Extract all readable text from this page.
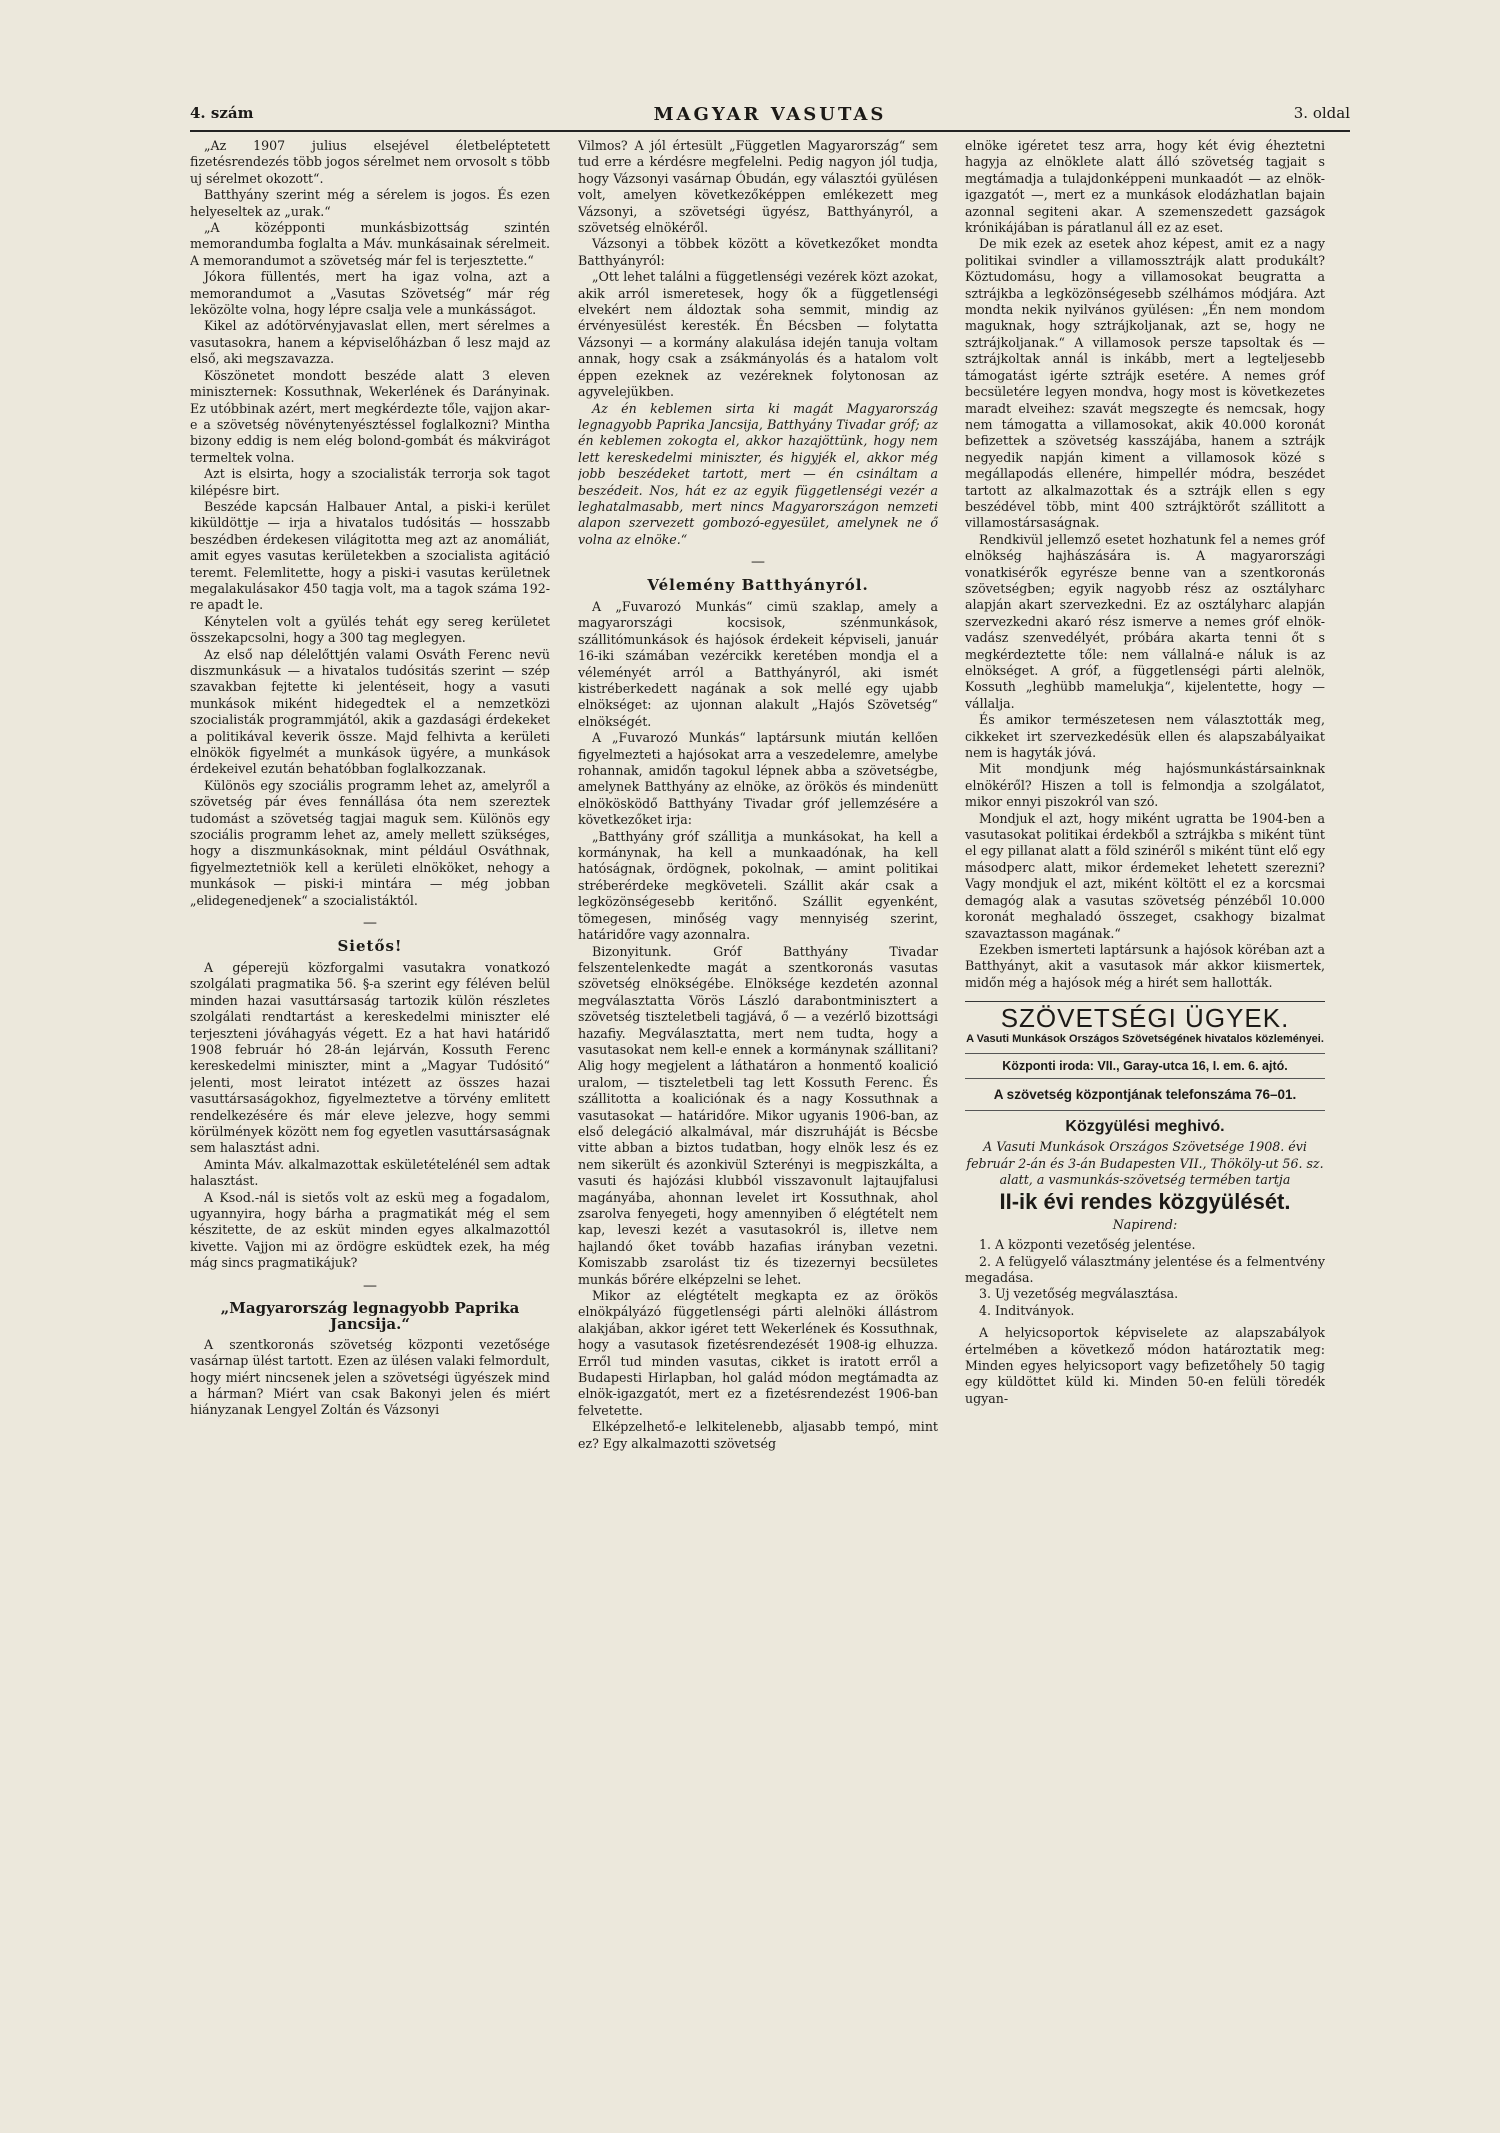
4. szám	MAGYAR VASUTAS	3. oldal

„Az 1907 julius elsejével életbeléptetett fizetésrendezés több jogos sérelmet nem orvosolt s több uj sérelmet okozott“.

Batthyány szerint még a sérelem is jogos. És ezen helyeseltek az „urak.“

„A középponti munkásbizottság szintén memorandumba foglalta a Máv. munkásainak sérelmeit. A memorandumot a szövetség már fel is terjesztette.“

Jókora füllentés, mert ha igaz volna, azt a memorandumot a „Vasutas Szövetség“ már rég leközölte volna, hogy lépre csalja vele a munkásságot.

Kikel az adótörvényjavaslat ellen, mert sérelmes a vasutasokra, hanem a képviselőházban ő lesz majd az első, aki megszavazza.

Köszönetet mondott beszéde alatt 3 eleven miniszternek: Kossuthnak, Wekerlének és Darányinak. Ez utóbbinak azért, mert megkérdezte tőle, vajjon akar-e a szövetség növénytenyésztéssel foglalkozni? Mintha bizony eddig is nem elég bolond-gombát és mákvirágot termeltek volna.

Azt is elsirta, hogy a szocialisták terrorja sok tagot kilépésre birt.

Beszéde kapcsán Halbauer Antal, a piski-i kerület kiküldöttje — irja a hivatalos tudósitás — hosszabb beszédben érdekesen világitotta meg azt az anomáliát, amit egyes vasutas kerületekben a szocialista agitáció teremt. Felemlitette, hogy a piski-i vasutas kerületnek megalakulásakor 450 tagja volt, ma a tagok száma 192-re apadt le.

Kénytelen volt a gyülés tehát egy sereg kerületet összekapcsolni, hogy a 300 tag meglegyen.

Az első nap délelőttjén valami Osváth Ferenc nevü diszmunkásuk — a hivatalos tudósitás szerint — szép szavakban fejtette ki jelentéseit, hogy a vasuti munkások miként hidegedtek el a nemzetközi szocialisták programmjától, akik a gazdasági érdekeket a politikával keverik össze. Majd felhivta a kerületi elnökök figyelmét a munkások ügyére, a munkások érdekeivel ezután behatóbban foglalkozzanak.

Különös egy szociális programm lehet az, amelyről a szövetség pár éves fennállása óta nem szereztek tudomást a szövetség tagjai maguk sem. Különös egy szociális programm lehet az, amely mellett szükséges, hogy a diszmunkásoknak, mint például Osváthnak, figyelmeztetniök kell a kerületi elnököket, nehogy a munkások — piski-i mintára — még jobban „elidegenedjenek“ a szocialistáktól.

—
Sietős!

A géperejü közforgalmi vasutakra vonatkozó szolgálati pragmatika 56. §-a szerint egy féléven belül minden hazai vasuttársaság tartozik külön részletes szolgálati rendtartást a kereskedelmi miniszter elé terjeszteni jóváhagyás végett. Ez a hat havi határidő 1908 február hó 28-án lejárván, Kossuth Ferenc kereskedelmi miniszter, mint a „Magyar Tudósitó“ jelenti, most leiratot intézett az összes hazai vasuttársaságokhoz, figyelmeztetve a törvény emlitett rendelkezésére és már eleve jelezve, hogy semmi körülmények között nem fog egyetlen vasuttársaságnak sem halasztást adni.

Aminta Máv. alkalmazottak eskületételénél sem adtak halasztást.

A Ksod.-nál is sietős volt az eskü meg a fogadalom, ugyannyira, hogy bárha a pragmatikát még el sem készitette, de az esküt minden egyes alkalmazottól kivette. Vajjon mi az ördögre esküdtek ezek, ha még mág sincs pragmatikájuk?

—
„Magyarország legnagyobb Paprika Jancsija.“

A szentkoronás szövetség központi vezetősége vasárnap ülést tartott. Ezen az ülésen valaki felmordult, hogy miért nincsenek jelen a szövetségi ügyészek mind a hárman? Miért van csak Bakonyi jelen és miért hiányzanak Lengyel Zoltán és Vázsonyi

Vilmos? A jól értesült „Független Magyarország“ sem tud erre a kérdésre megfelelni. Pedig nagyon jól tudja, hogy Vázsonyi vasárnap Óbudán, egy választói gyülésen volt, amelyen következőképpen emlékezett meg Vázsonyi, a szövetségi ügyész, Batthyányról, a szövetség elnökéről.

Vázsonyi a többek között a következőket mondta Batthyányról:

„Ott lehet találni a függetlenségi vezérek közt azokat, akik arról ismeretesek, hogy ők a függetlenségi elvekért nem áldoztak soha semmit, mindig az érvényesülést keresték. Én Bécsben — folytatta Vázsonyi — a kormány alakulása idején tanuja voltam annak, hogy csak a zsákmányolás és a hatalom volt éppen ezeknek az vezéreknek folytonosan az agyvelejükben.

Az én keblemen sirta ki magát Magyarország legnagyobb Paprika Jancsija, Batthyány Tivadar gróf; az én keblemen zokogta el, akkor hazajöttünk, hogy nem lett kereskedelmi miniszter, és higyjék el, akkor még jobb beszédeket tartott, mert — én csináltam a beszédeit. Nos, hát ez az egyik függetlenségi vezér a leghatalmasabb, mert nincs Magyarországon nemzeti alapon szervezett gombozó-egyesület, amelynek ne ő volna az elnöke.“

—
Vélemény Batthyányról.

A „Fuvarozó Munkás“ cimü szaklap, amely a magyarországi kocsisok, szénmunkások, szállitómunkások és hajósok érdekeit képviseli, január 16-iki számában vezércikk keretében mondja el a véleményét arról a Batthyányról, aki ismét kistréberkedett nagának a sok mellé egy ujabb elnökséget: az ujonnan alakult „Hajós Szövetség“ elnökségét.

A „Fuvarozó Munkás“ laptársunk miután kellően figyelmezteti a hajósokat arra a veszedelemre, amelybe rohannak, amidőn tagokul lépnek abba a szövetségbe, amelynek Batthyány az elnöke, az örökös és mindenütt elnökösködő Batthyány Tivadar gróf jellemzésére a következőket irja:

„Batthyány gróf szállitja a munkásokat, ha kell a kormánynak, ha kell a munkaadónak, ha kell hatóságnak, ördögnek, pokolnak, — amint politikai stréberérdeke megköveteli. Szállit akár csak a legközönségesebb keritőnő. Szállit egyenként, tömegesen, minőség vagy mennyiség szerint, határidőre vagy azonnalra.

Bizonyitunk. Gróf Batthyány Tivadar felszentelenkedte magát a szentkoronás vasutas szövetség elnökségébe. Elnöksége kezdetén azonnal megválasztatta Vörös László darabontminisztert a szövetség tiszteletbeli tagjává, ő — a vezérlő bizottsági hazafiy. Megválasztatta, mert nem tudta, hogy a vasutasokat nem kell-e ennek a kormánynak szállitani? Alig hogy megjelent a láthatáron a honmentő koalició uralom, — tiszteletbeli tag lett Kossuth Ferenc. És szállitotta a koaliciónak és a nagy Kossuthnak a vasutasokat — határidőre. Mikor ugyanis 1906-ban, az első delegáció alkalmával, már diszruháját is Bécsbe vitte abban a biztos tudatban, hogy elnök lesz és ez nem sikerült és azonkivül Szterényi is megpiszkálta, a vasuti és hajózási klubból visszavonult lajtaujfalusi magányába, ahonnan levelet irt Kossuthnak, ahol zsarolva fenyegeti, hogy amennyiben ő elégtételt nem kap, leveszi kezét a vasutasokról is, illetve nem hajlandó őket tovább hazafias irányban vezetni. Komiszabb zsarolást tiz és tizezernyi becsületes munkás bőrére elképzelni se lehet.

Mikor az elégtételt megkapta ez az örökös elnökpályázó függetlenségi párti alelnöki állástrom alakjában, akkor igéret tett Wekerlének és Kossuthnak, hogy a vasutasok fizetésrendezését 1908-ig elhuzza. Erről tud minden vasutas, cikket is iratott erről a Budapesti Hirlapban, hol galád módon megtámadta az elnök-igazgatót, mert ez a fizetésrendezést 1906-ban felvetette.

Elképzelhető-e lelkitelenebb, aljasabb tempó, mint ez? Egy alkalmazotti szövetség

elnöke igéretet tesz arra, hogy két évig éheztetni hagyja az elnöklete alatt álló szövetség tagjait s megtámadja a tulajdonképpeni munkaadót — az elnök-igazgatót —, mert ez a munkások elodázhatlan bajain azonnal segiteni akar. A szemenszedett gazságok krónikájában is páratlanul áll ez az eset.

De mik ezek az esetek ahoz képest, amit ez a nagy politikai svindler a villamossztrájk alatt produkált? Köztudomásu, hogy a villamosokat beugratta a sztrájkba a legközönségesebb szélhámos módjára. Azt mondta nekik nyilvános gyülésen: „Én nem mondom maguknak, hogy sztrájkoljanak, azt se, hogy ne sztrájkoljanak.“ A villamosok persze tapsoltak és — sztrájkoltak annál is inkább, mert a legteljesebb támogatást igérte sztrájk esetére. A nemes gróf becsületére legyen mondva, hogy most is következetes maradt elveihez: szavát megszegte és nemcsak, hogy nem támogatta a villamosokat, akik 40.000 koronát befizettek a szövetség kasszájába, hanem a sztrájk negyedik napján kiment a villamosok közé s megállapodás ellenére, himpellér módra, beszédet tartott az alkalmazottak és a sztrájk ellen s egy beszédével több, mint 400 sztrájktörőt szállitott a villamostársaságnak.

Rendkivül jellemző esetet hozhatunk fel a nemes gróf elnökség hajhászására is. A magyarországi vonatkisérők egyrésze benne van a szentkoronás szövetségben; egyik nagyobb rész az osztályharc alapján akart szervezkedni. Ez az osztályharc alapján szervezkedni akaró rész ismerve a nemes gróf elnök-vadász szenvedélyét, próbára akarta tenni őt s megkérdeztette tőle: nem vállalná-e náluk is az elnökséget. A gróf, a függetlenségi párti alelnök, Kossuth „leghübb mamelukja“, kijelentette, hogy — vállalja.

És amikor természetesen nem választották meg, cikkeket irt szervezkedésük ellen és alapszabályaikat nem is hagyták jóvá.

Mit mondjunk még hajósmunkástársainknak elnökéről? Hiszen a toll is felmondja a szolgálatot, mikor ennyi piszokról van szó.

Mondjuk el azt, hogy miként ugratta be 1904-ben a vasutasokat politikai érdekből a sztrájkba s miként tünt el egy pillanat alatt a föld szinéről s miként tünt elő egy másodperc alatt, mikor érdemeket lehetett szerezni? Vagy mondjuk el azt, miként költött el ez a korcsmai demagóg alak a vasutas szövetség pénzéből 10.000 koronát meghaladó összeget, csakhogy bizalmat szavaztasson magának.“

Ezekben ismerteti laptársunk a hajósok köréban azt a Batthyányt, akit a vasutasok már akkor kiismertek, midőn még a hajósok még a hirét sem hallották.

SZÖVETSÉGI ÜGYEK.
A Vasuti Munkások Országos Szövetségének hivatalos közleményei.
Központi iroda: VII., Garay-utca 16, I. em. 6. ajtó.
A szövetség központjának telefonszáma 76–01.
Közgyülési meghivó.
A Vasuti Munkások Országos Szövetsége 1908. évi február 2-án és 3-án Budapesten VII., Thököly-ut 56. sz. alatt, a vasmunkás-szövetség termében tartja
II-ik évi rendes közgyülését.
Napirend:
1. A központi vezetőség jelentése.
2. A felügyelő választmány jelentése és a felmentvény megadása.
3. Uj vezetőség megválasztása.
4. Inditványok.

A helyicsoportok képviselete az alapszabályok értelmében a következő módon határoztatik meg: Minden egyes helyicsoport vagy befizetőhely 50 tagig egy küldöttet küld ki. Minden 50-en felüli töredék ugyan-
